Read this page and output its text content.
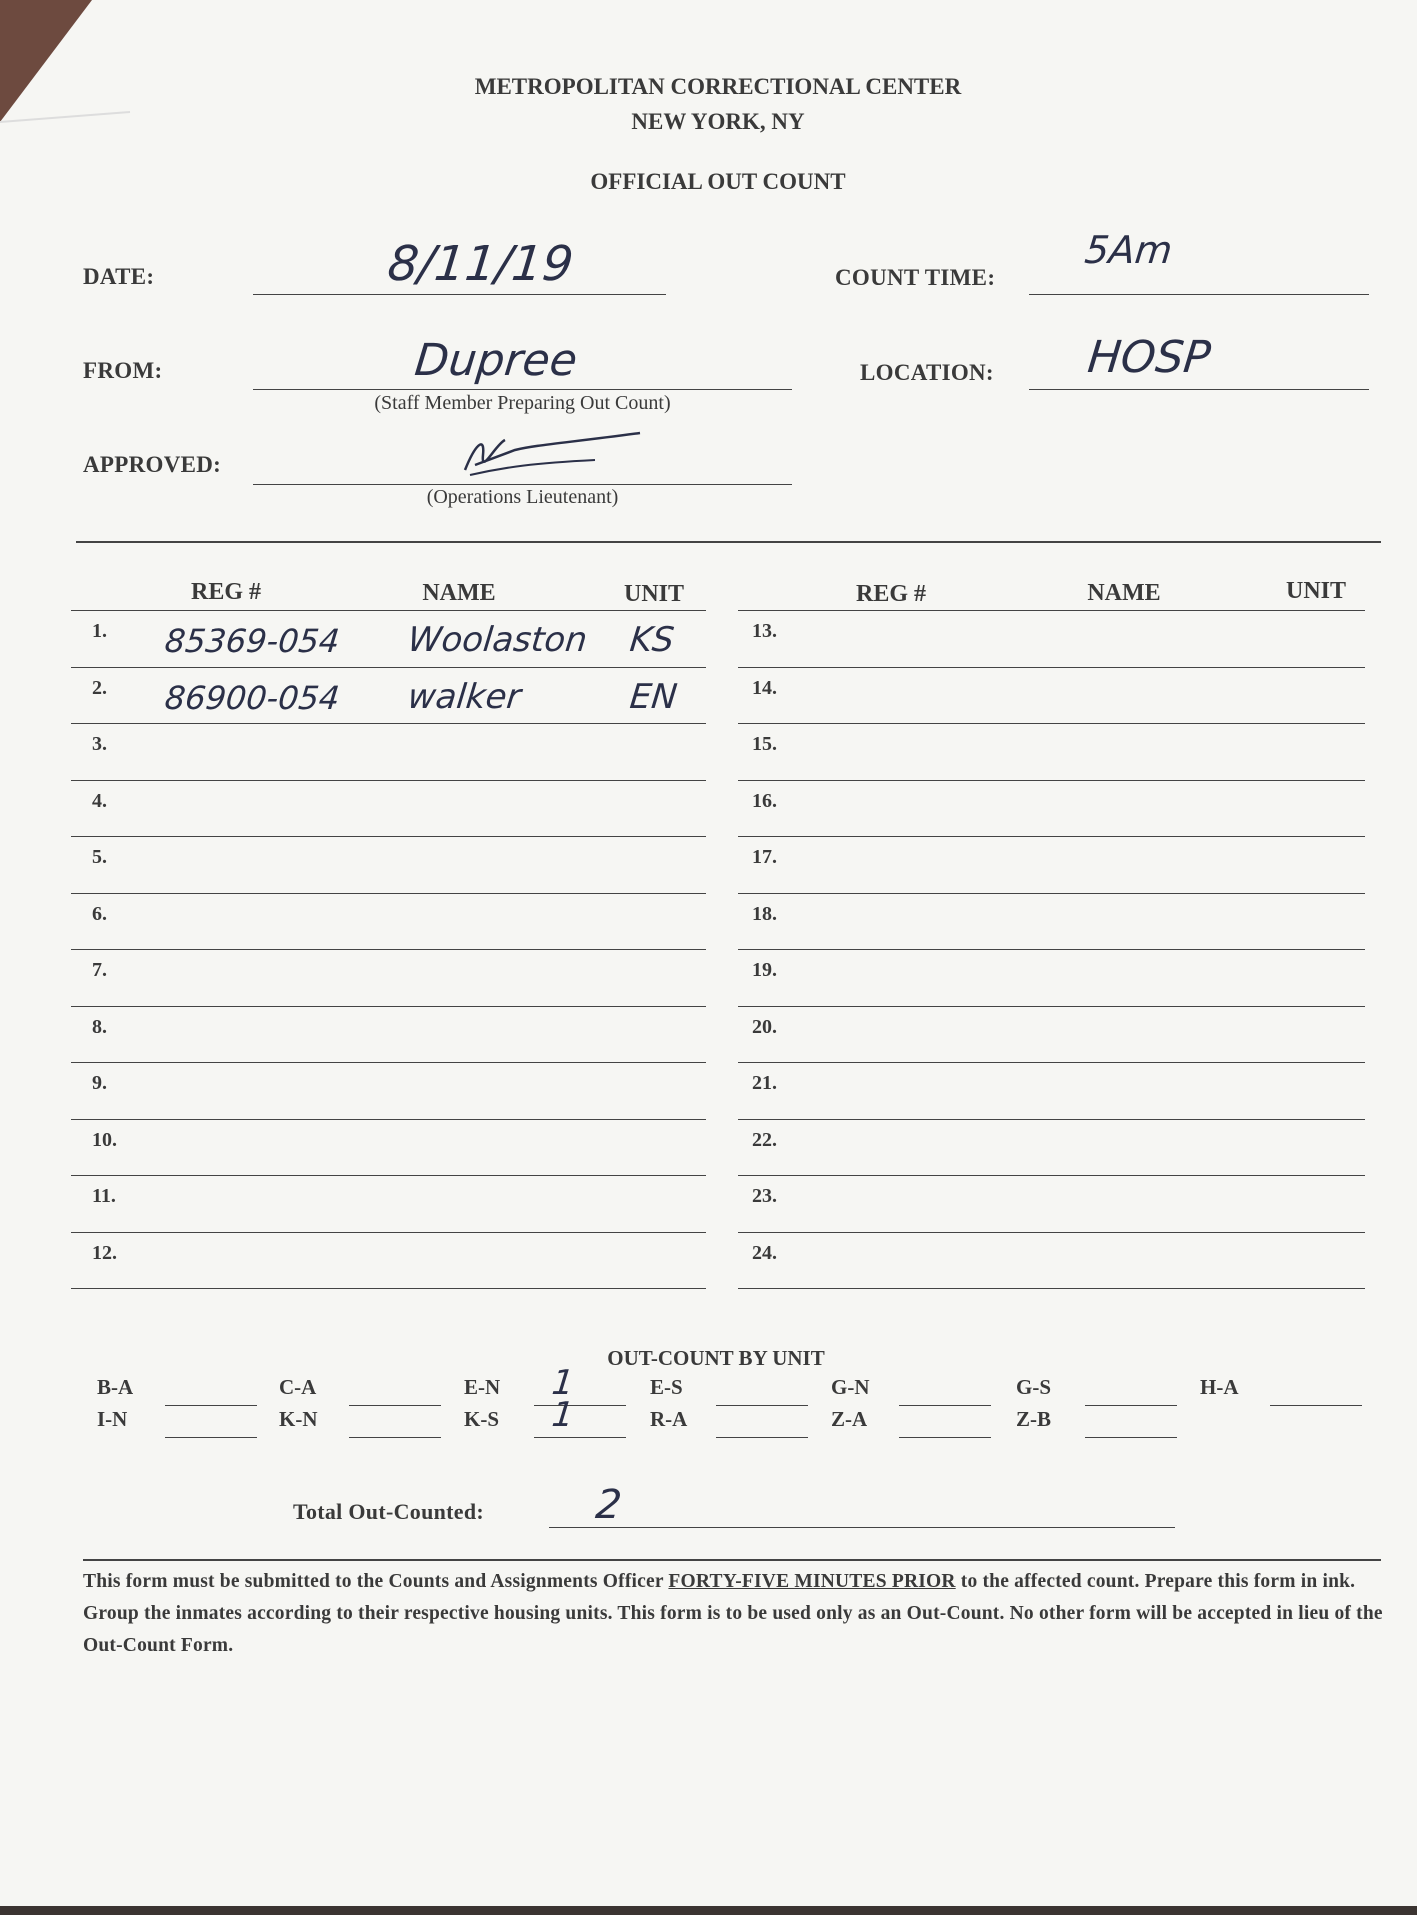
METROPOLITAN CORRECTIONAL CENTER
NEW YORK, NY
OFFICIAL OUT COUNT
DATE:	8/11/19	COUNT TIME:
5Am
FROM:	Dupree
(Staff Member Preparing Out Count)
LOCATION: HOSP
APPROVED:
(Operations Lieutenant)
REG #	NAME	UNIT	REG #	NAME	UNIT
1. 85369-054 Woolaston KS
2. 86900-054 walker	EN
3.
4.
5.
6.
7.
8.
9.
10.
11.
12.
13.
14.
15.
16.
17.
18.
19.
20.
21.
22.
23.
24.
OUT-COUNT BY UNIT
B-A	C-A	E-N 1	E-S	G-N	G-S	H-A
I-N	K-N	K-S 1	R-A	Z-A	Z-B
Total Out-Counted:	2
This form must be submitted to the Counts and Assignments Officer FORTY-FIVE MINUTES PRIOR to the affected count. Prepare this form in ink. Group the inmates according to their respective housing units. This form is to be used only as an Out-Count. No other form will be accepted in lieu of the Out-Count Form.
